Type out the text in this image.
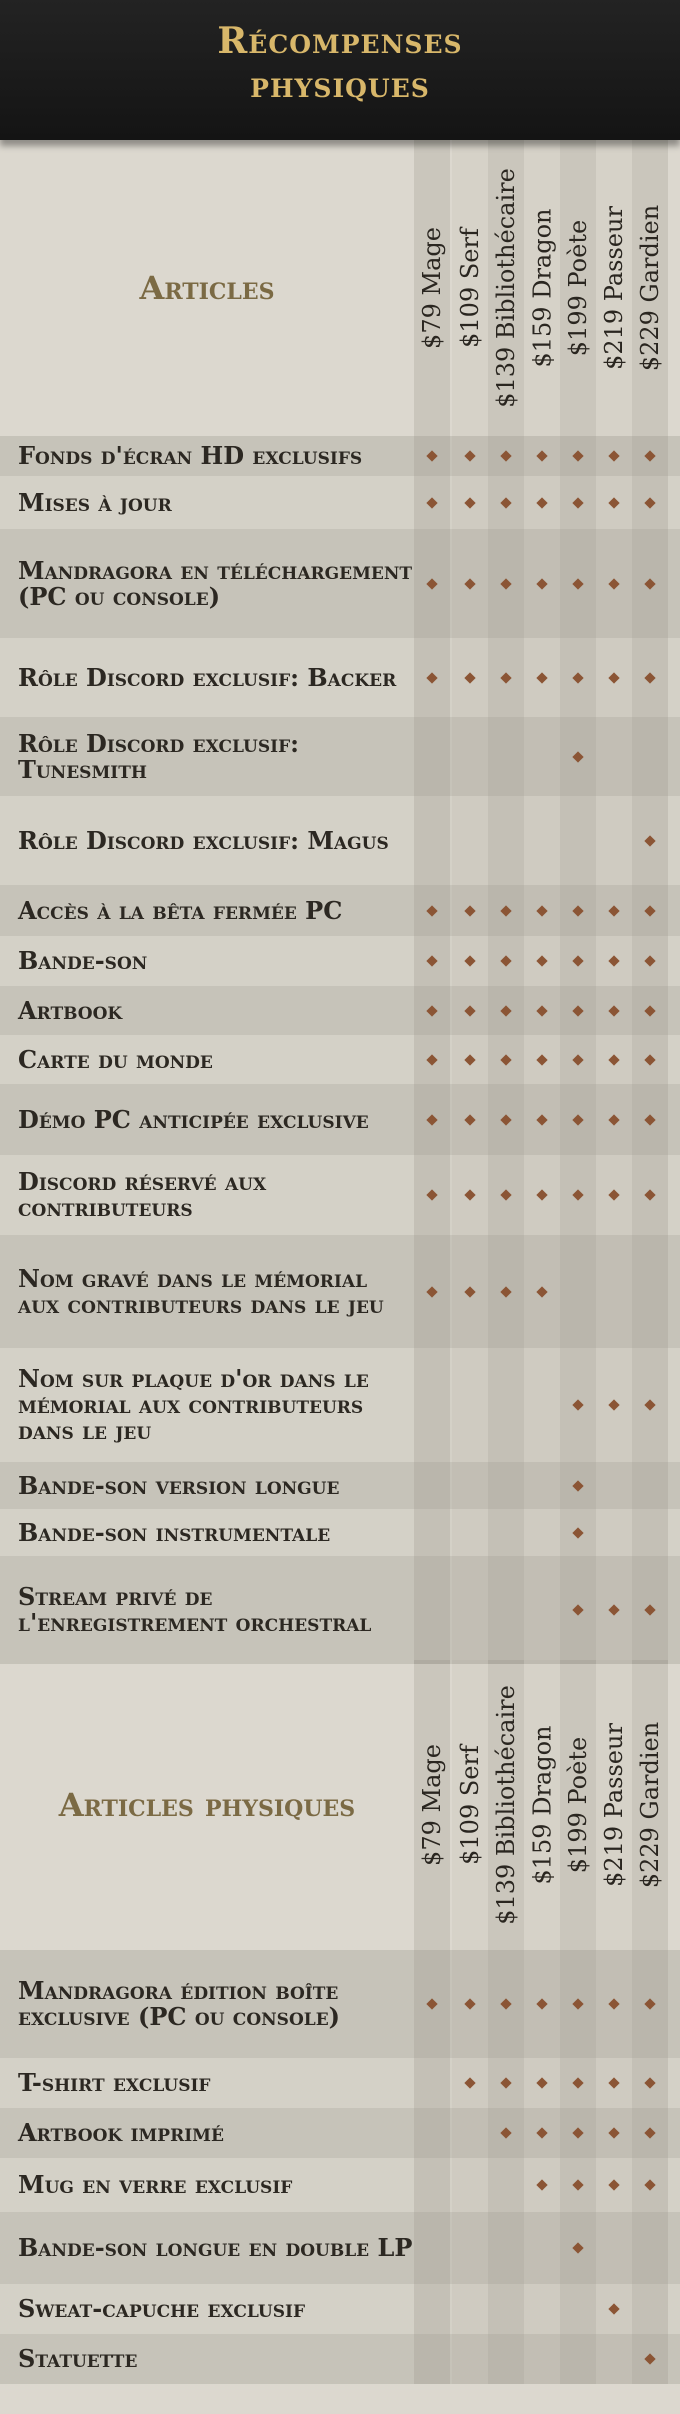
Récompenses
physiques
Articles	$79 Mage $109 Serf $139 Bibliothécaire $159 Dragon $199 Poète $219 Passeur $229 Gardien
Fonds d'écran HD exclusifs
Mises à jour
Mandragora en téléchargement (PC ou console)
Rôle Discord exclusif: Backer
Rôle Discord exclusif: Tunesmith
Rôle Discord exclusif: Magus
Accès à la bêta fermée PC
Bande-son
Artbook
Carte du monde
Démo PC anticipée exclusive
Discord réservé aux contributeurs
Nom gravé dans le mémorial aux contributeurs dans le jeu
Nom sur plaque d'or dans le mémorial aux contributeurs dans le jeu
Bande-son version longue
Bande-son instrumentale
Stream privé de l'enregistrement orchestral
Articles physiques	$79 Mage $109 Serf $139 Bibliothécaire $159 Dragon $199 Poète $219 Passeur $229 Gardien
Mandragora édition boîte exclusive (PC ou console)
T-shirt exclusif
Artbook imprimé
Mug en verre exclusif
Bande-son longue en double LP
Sweat-capuche exclusif
Statuette
